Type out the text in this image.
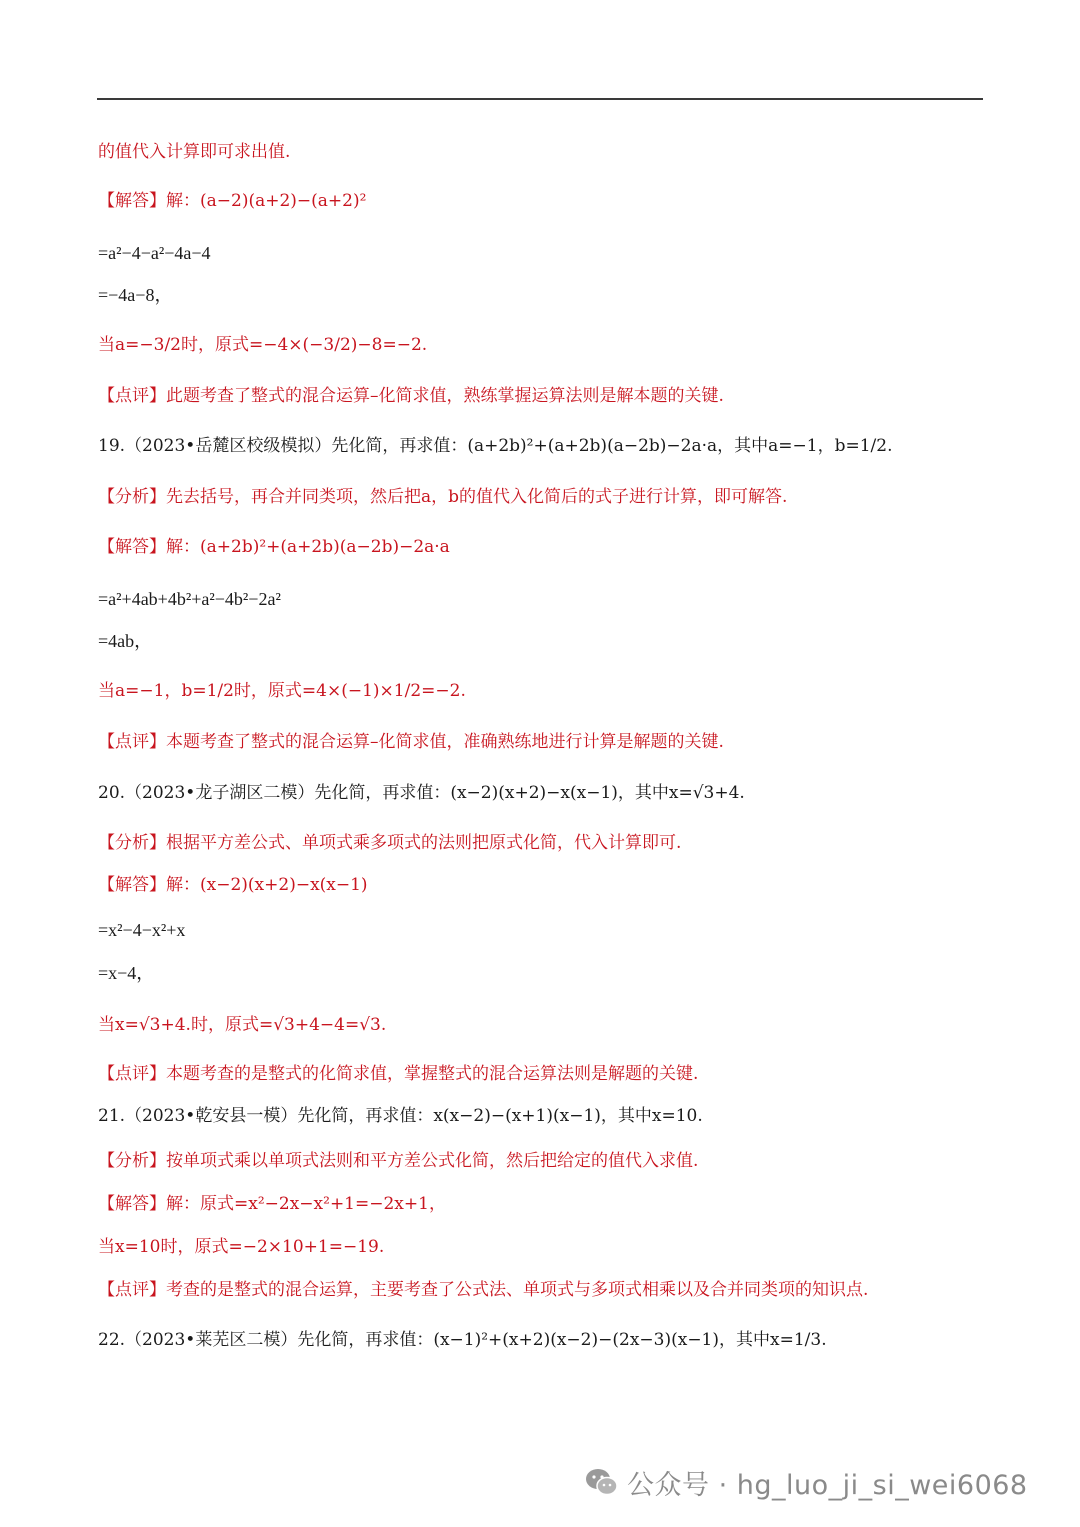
的值代入计算即可求出值.
【解答】解：(a−2)(a+2)−(a+2)²
=a²−4−a²−4a−4
=−4a−8，
当a=−3/2时，原式=−4×(−3/2)−8=−2.
【点评】此题考查了整式的混合运算–化简求值，熟练掌握运算法则是解本题的关键.
19.（2023•岳麓区校级模拟）先化简，再求值：(a+2b)²+(a+2b)(a−2b)−2a·a，其中a=−1，b=1/2.
【分析】先去括号，再合并同类项，然后把a，b的值代入化简后的式子进行计算，即可解答.
【解答】解：(a+2b)²+(a+2b)(a−2b)−2a·a
=a²+4ab+4b²+a²−4b²−2a²
=4ab，
当a=−1，b=1/2时，原式=4×(−1)×1/2=−2.
【点评】本题考查了整式的混合运算–化简求值，准确熟练地进行计算是解题的关键.
20.（2023•龙子湖区二模）先化简，再求值：(x−2)(x+2)−x(x−1)，其中x=√3+4.
【分析】根据平方差公式、单项式乘多项式的法则把原式化简，代入计算即可.
【解答】解：(x−2)(x+2)−x(x−1)
=x²−4−x²+x
=x−4，
当x=√3+4.时，原式=√3+4−4=√3.
【点评】本题考查的是整式的化简求值，掌握整式的混合运算法则是解题的关键.
21.（2023•乾安县一模）先化简，再求值：x(x−2)−(x+1)(x−1)，其中x=10.
【分析】按单项式乘以单项式法则和平方差公式化简，然后把给定的值代入求值.
【解答】解：原式=x²−2x−x²+1=−2x+1，
当x=10时，原式=−2×10+1=−19.
【点评】考查的是整式的混合运算，主要考查了公式法、单项式与多项式相乘以及合并同类项的知识点.
22.（2023•莱芜区二模）先化简，再求值：(x−1)²+(x+2)(x−2)−(2x−3)(x−1)，其中x=1/3.
公众号 · hg_luo_ji_si_wei6068
